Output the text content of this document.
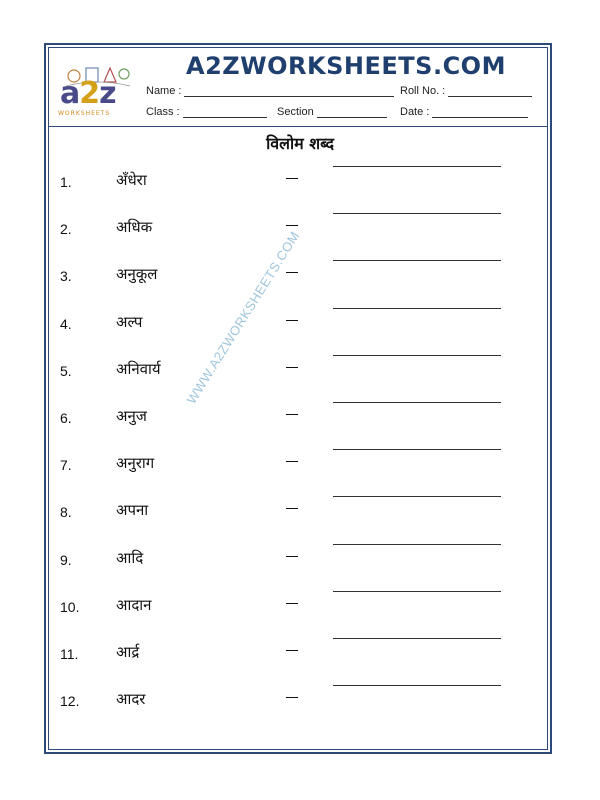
a2z
WORKSHEETS
A2ZWORKSHEETS.COM
Name :	Roll No. :
Class :	Section	Date :
विलोम शब्द
WWW.A2ZWORKSHEETS.COM
1.	अँधेरा
2.	अधिक
3.	अनुकूल
4.	अल्प
5.	अनिवार्य
6.	अनुज
7.	अनुराग
8.	अपना
9.	आदि
10. आदान
11.	आर्द्र
12. आदर
